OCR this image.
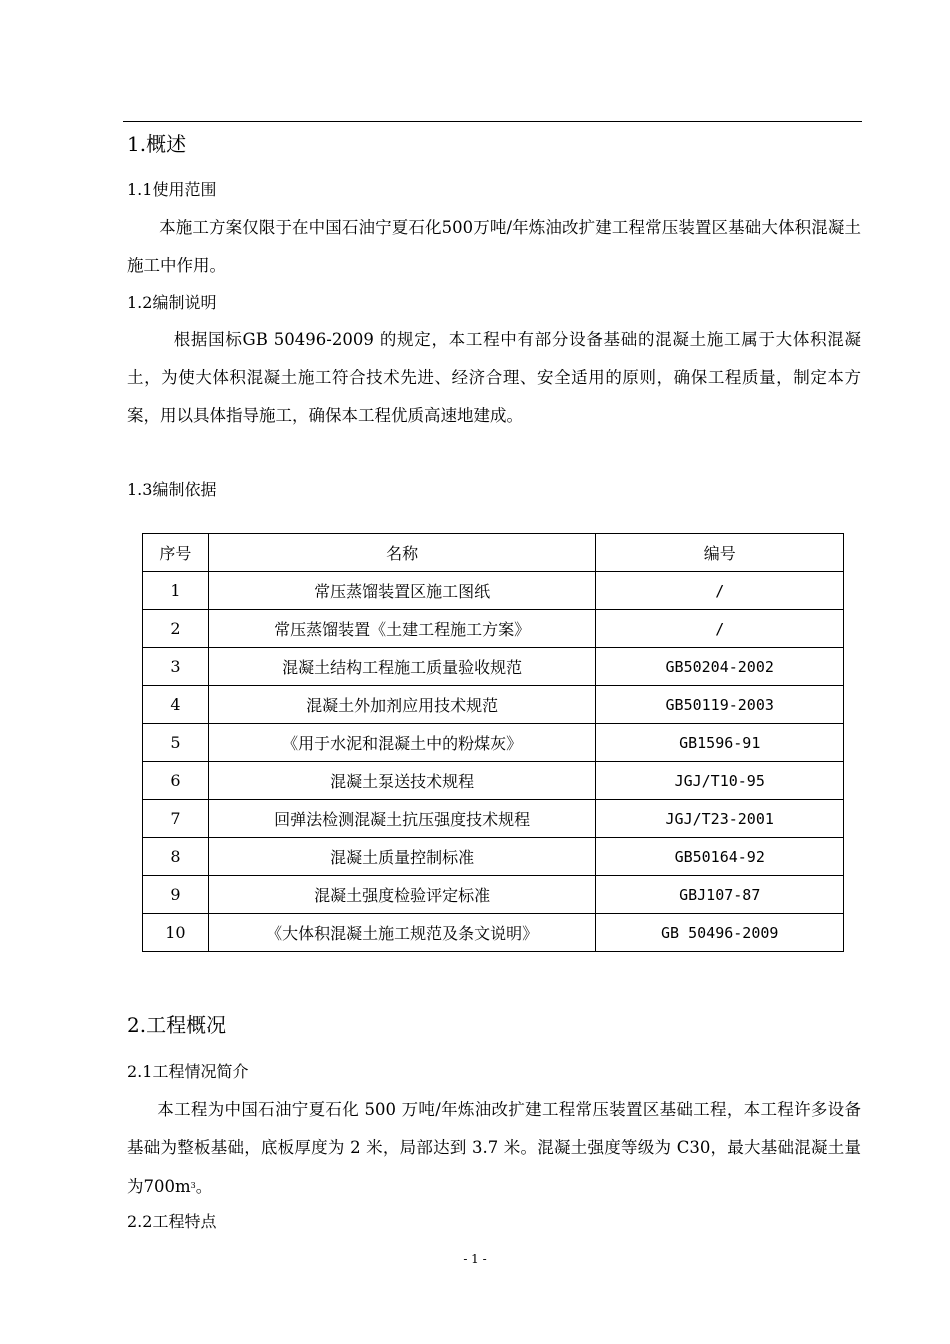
1.概述
1.1使用范围
本施工方案仅限于在中国石油宁夏石化500万吨/年炼油改扩建工程常压装置区基础大体积混凝土施工中作用。
1.2编制说明
根据国标GB 50496-2009 的规定，本工程中有部分设备基础的混凝土施工属于大体积混凝土，为使大体积混凝土施工符合技术先进、经济合理、安全适用的原则，确保工程质量，制定本方案，用以具体指导施工，确保本工程优质高速地建成。
1.3编制依据
序号	名称	编号
1	常压蒸馏装置区施工图纸	/
2	常压蒸馏装置《土建工程施工方案》	/
3	混凝土结构工程施工质量验收规范	GB50204-2002
4	混凝土外加剂应用技术规范	GB50119-2003
5	《用于水泥和混凝土中的粉煤灰》	GB1596-91
6	混凝土泵送技术规程	JGJ/T10-95
7	回弹法检测混凝土抗压强度技术规程	JGJ/T23-2001
8	混凝土质量控制标准	GB50164-92
9	混凝土强度检验评定标准	GBJ107-87
10	《大体积混凝土施工规范及条文说明》	GB 50496-2009
2.工程概况
2.1工程情况简介
本工程为中国石油宁夏石化 500 万吨/年炼油改扩建工程常压装置区基础工程，本工程许多设备基础为整板基础，底板厚度为 2 米，局部达到 3.7 米。混凝土强度等级为 C30，最大基础混凝土量为$700m^3$。
2.2工程特点
- 1 -
